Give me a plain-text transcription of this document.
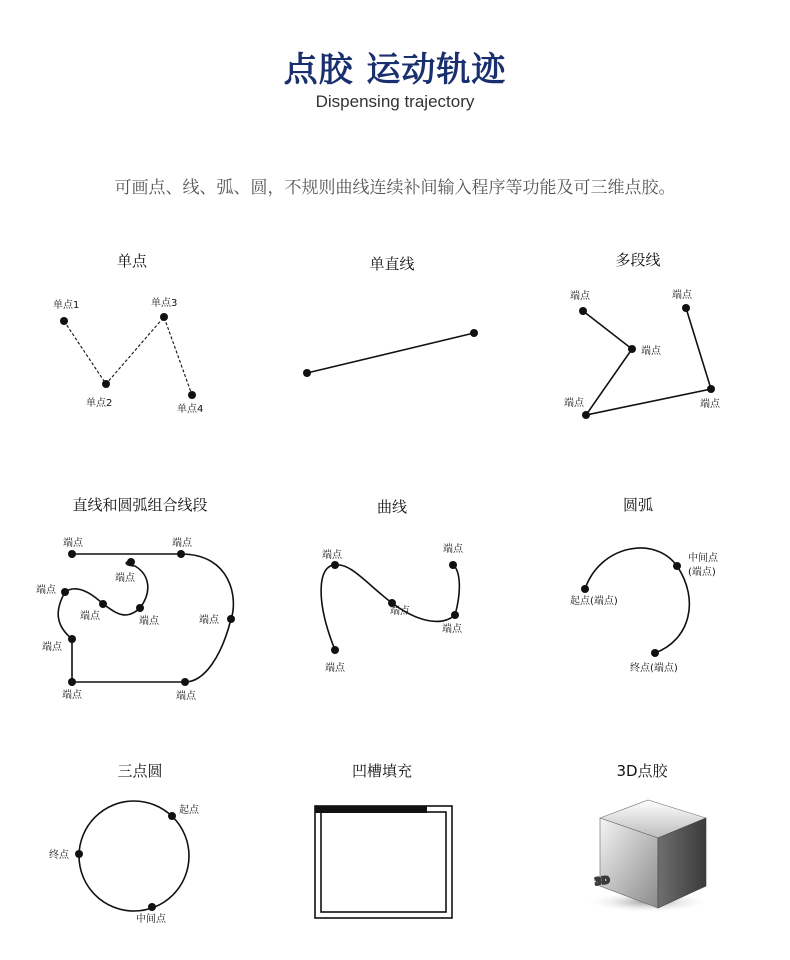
点胶 运动轨迹
Dispensing trajectory
可画点、线、弧、圆，不规则曲线连续补间输入程序等功能及可三维点胶。
单点	单直线	多段线
直线和圆弧组合线段	曲线	圆弧
三点圆	凹槽填充	3D点胶
单点1
单点2
单点3
单点4
端点	端点
端点
端点	端点
端点	端点
端点
端点
端点	端点	端点
端点
端点	端点
端点
端点
端点
端点
端点
中间点
(端点)
起点(端点)
终点(端点)
起点
终点
中间点
3D
